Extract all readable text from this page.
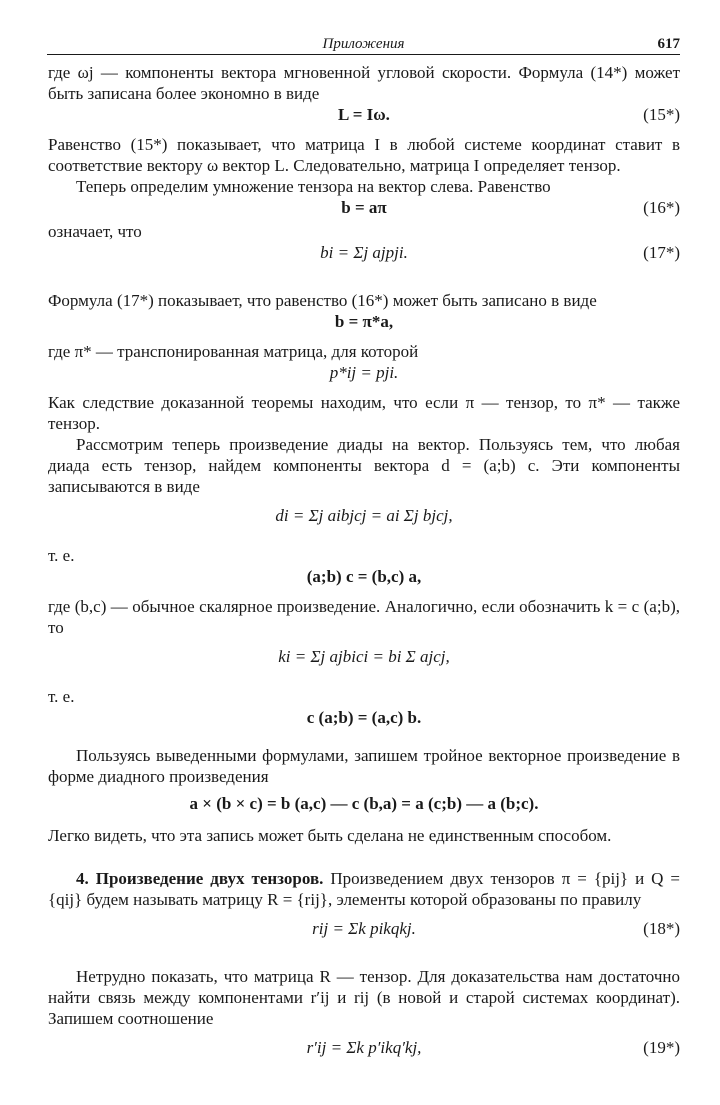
Приложения	617

где ωj — компоненты вектора мгновенной угловой скорости. Формула (14*) может быть записана более экономно в виде

L = Iω.	(15*)

Равенство (15*) показывает, что матрица I в любой системе координат ставит в соответствие вектору ω вектор L. Следовательно, матрица I определяет тензор.

Теперь определим умножение тензора на вектор слева. Равенство

b = aπ	(16*)

означает, что

bi = Σj ajpji.	(17*)

Формула (17*) показывает, что равенство (16*) может быть записано в виде

b = π*a,

где π* — транспонированная матрица, для которой

p*ij = pji.

Как следствие доказанной теоремы находим, что если π — тензор, то π* — также тензор.

Рассмотрим теперь произведение диады на вектор. Пользуясь тем, что любая диада есть тензор, найдем компоненты вектора d = (a;b) c. Эти компоненты записываются в виде

di = Σj aibjcj = ai Σj bjcj,

т. е.

(a;b) c = (b,c) a,

где (b,c) — обычное скалярное произведение. Аналогично, если обозначить k = c (a;b), то

ki = Σj ajbici = bi Σ ajcj,

т. е.

c (a;b) = (a,c) b.

Пользуясь выведенными формулами, запишем тройное векторное произведение в форме диадного произведения

a × (b × c) = b (a,c) — c (b,a) = a (c;b) — a (b;c).

Легко видеть, что эта запись может быть сделана не единственным способом.

4. Произведение двух тензоров. Произведением двух тензоров π = {pij} и Q = {qij} будем называть матрицу R = {rij}, элементы которой образованы по правилу

rij = Σk pikqkj.	(18*)

Нетрудно показать, что матрица R — тензор. Для доказательства нам достаточно найти связь между компонентами r′ij и rij (в новой и старой системах координат). Запишем соотношение

r′ij = Σk p′ikq′kj,	(19*)
